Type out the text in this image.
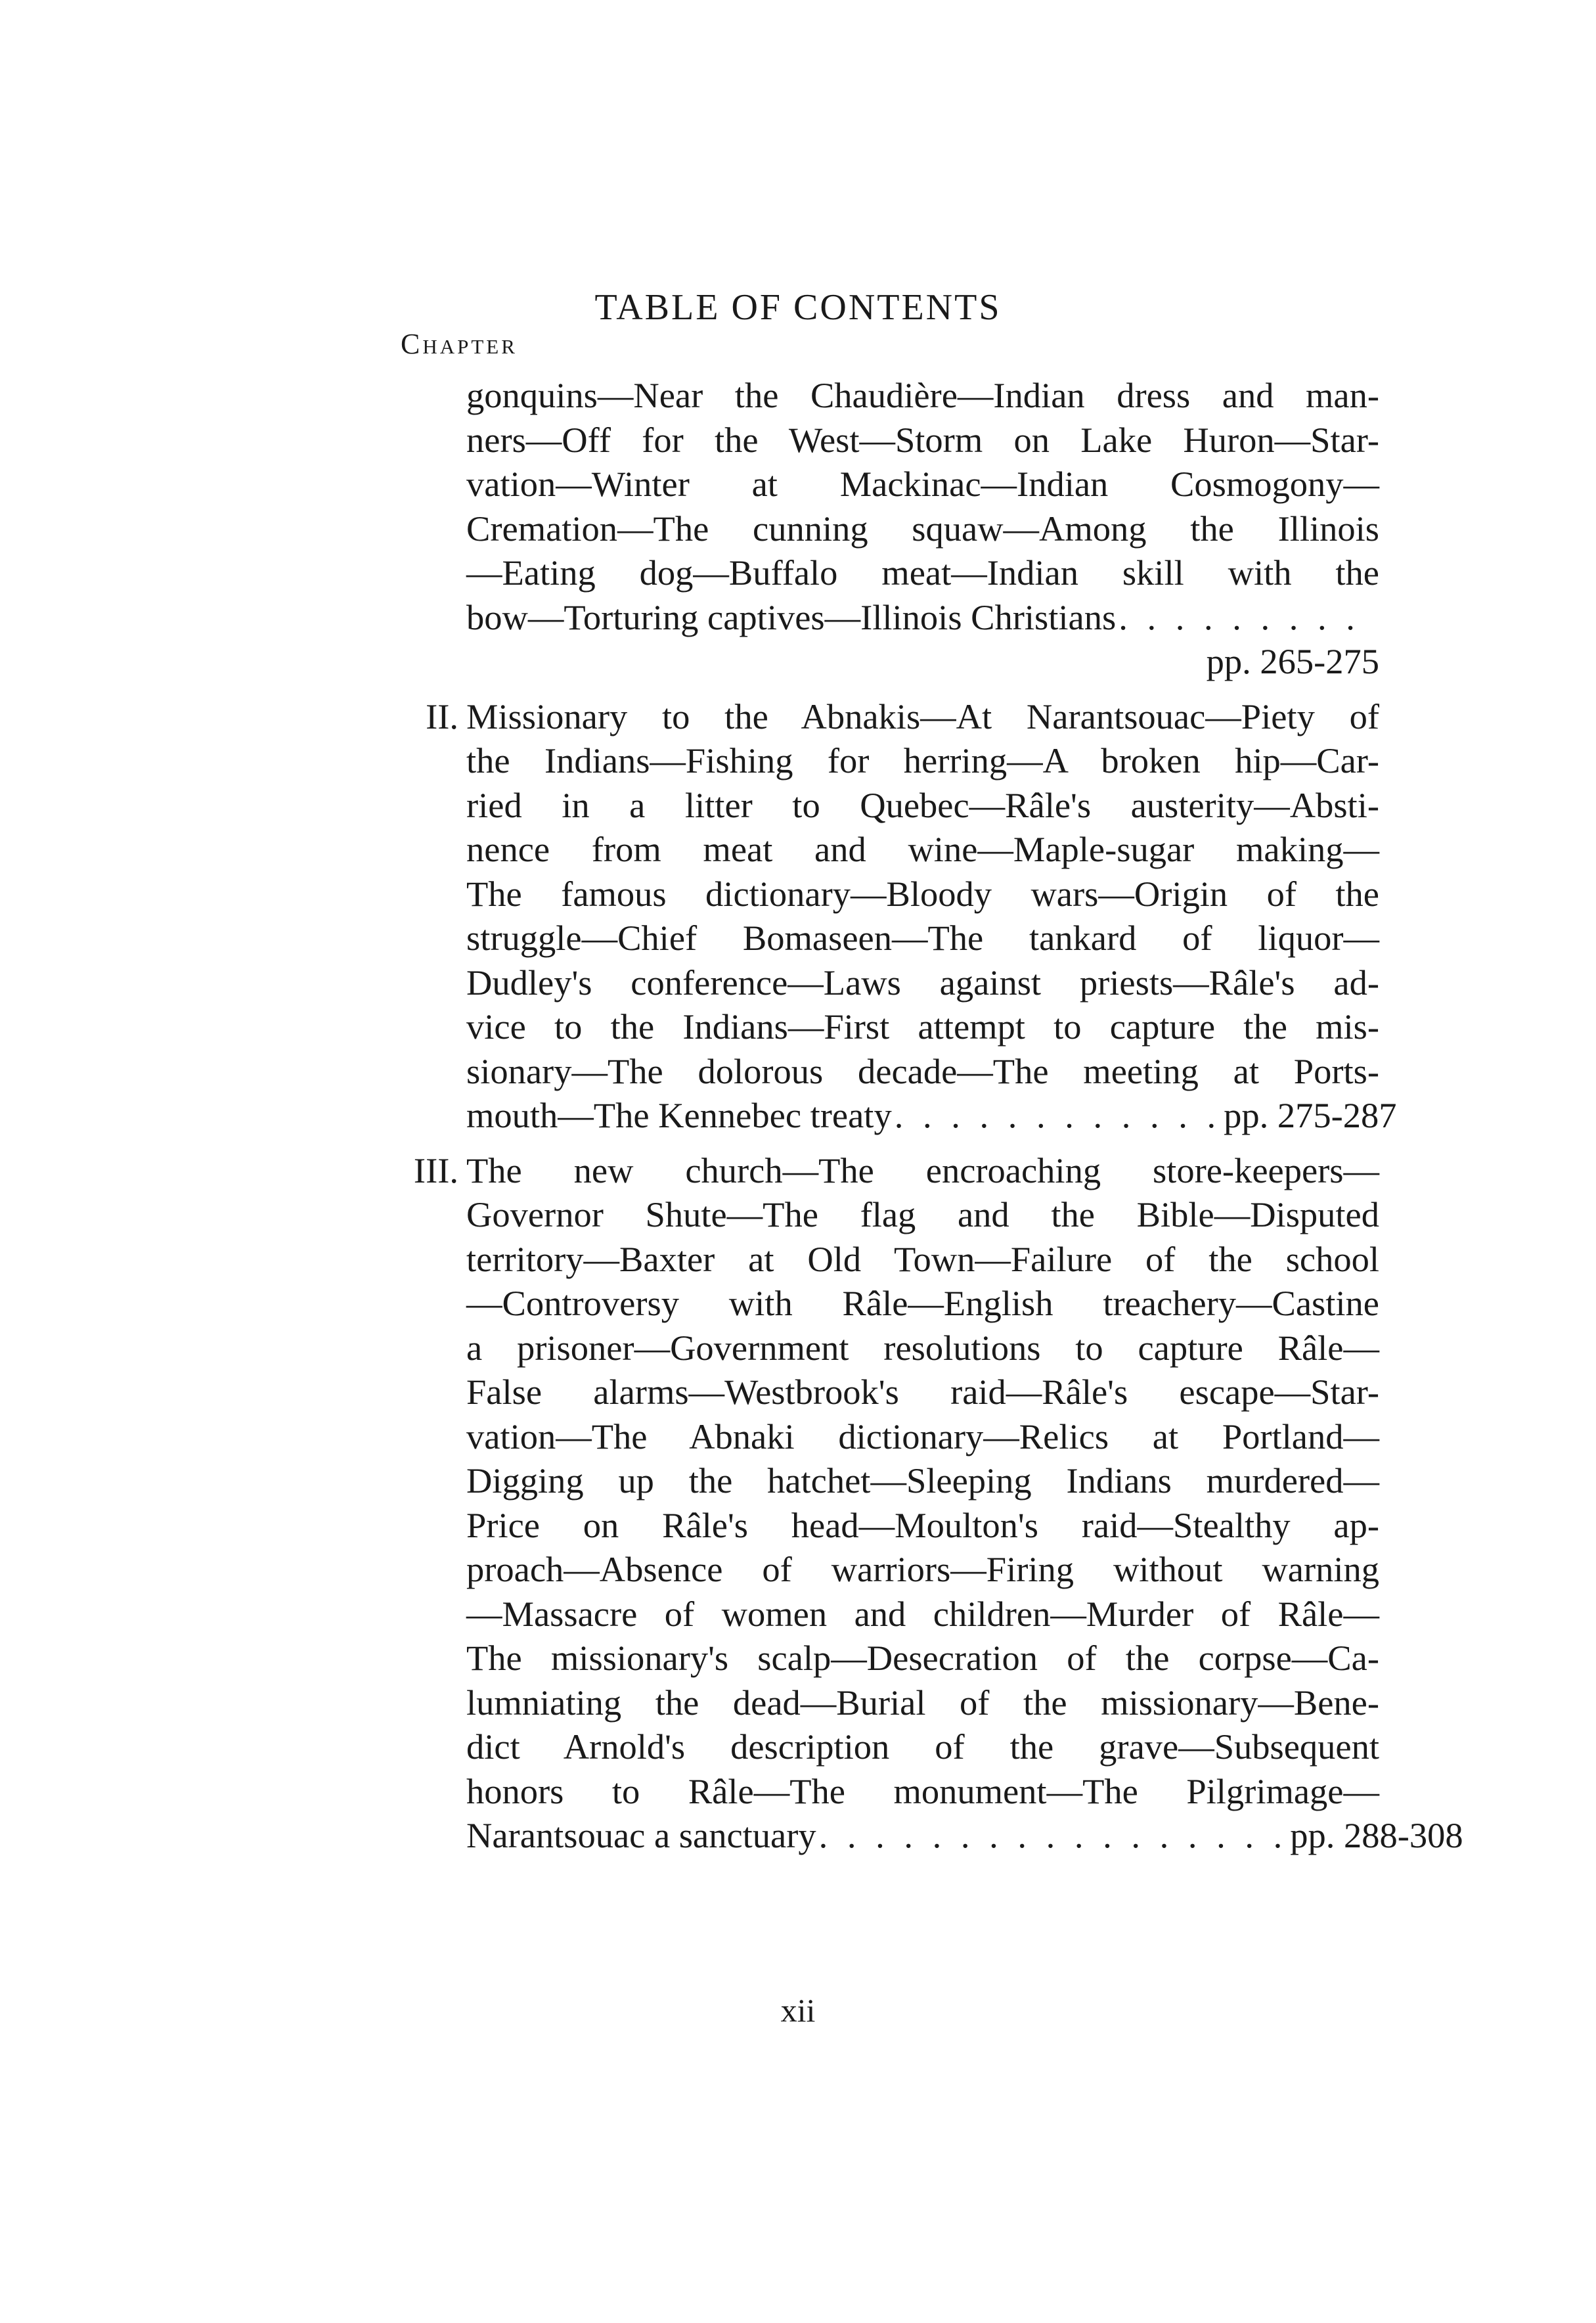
TABLE OF CONTENTS
Chapter
gonquins—Near the Chaudière—Indian dress and man-
ners—Off for the West—Storm on Lake Huron—Star-
vation—Winter at Mackinac—Indian Cosmogony—
Cremation—The cunning squaw—Among the Illinois
—Eating dog—Buffalo meat—Indian skill with the
bow—Torturing captives—Illinois Christians . . . . . . . . .
pp. 265-275
II. Missionary to the Abnakis—At Narantsouac—Piety of
the Indians—Fishing for herring—A broken hip—Car-
ried in a litter to Quebec—Râle's austerity—Absti-
nence from meat and wine—Maple-sugar making—
The famous dictionary—Bloody wars—Origin of the
struggle—Chief Bomaseen—The tankard of liquor—
Dudley's conference—Laws against priests—Râle's ad-
vice to the Indians—First attempt to capture the mis-
sionary—The dolorous decade—The meeting at Ports-
mouth—The Kennebec treaty . . . . . . . . . . . . pp. 275-287
III. The new church—The encroaching store-keepers—
Governor Shute—The flag and the Bible—Disputed
territory—Baxter at Old Town—Failure of the school
—Controversy with Râle—English treachery—Castine
a prisoner—Government resolutions to capture Râle—
False alarms—Westbrook's raid—Râle's escape—Star-
vation—The Abnaki dictionary—Relics at Portland—
Digging up the hatchet—Sleeping Indians murdered—
Price on Râle's head—Moulton's raid—Stealthy ap-
proach—Absence of warriors—Firing without warning
—Massacre of women and children—Murder of Râle—
The missionary's scalp—Desecration of the corpse—Ca-
lumniating the dead—Burial of the missionary—Bene-
dict Arnold's description of the grave—Subsequent
honors to Râle—The monument—The Pilgrimage—
Narantsouac a sanctuary . . . . . . . . . . . . . . . . . pp. 288-308
xii
